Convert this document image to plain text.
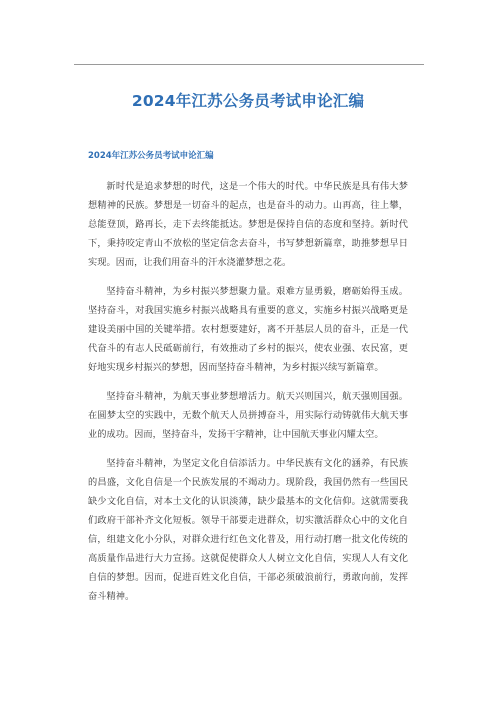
2024年江苏公务员考试申论汇编

2024年江苏公务员考试申论汇编

新时代是追求梦想的时代，这是一个伟大的时代。中华民族是具有伟大梦想精神的民族。梦想是一切奋斗的起点，也是奋斗的动力。山再高，往上攀，总能登顶，路再长，走下去终能抵达。梦想是保持自信的态度和坚持。新时代下，秉持咬定青山不放松的坚定信念去奋斗，书写梦想新篇章，助推梦想早日实现。因而，让我们用奋斗的汗水浇灌梦想之花。

坚持奋斗精神，为乡村振兴梦想聚力量。艰难方显勇毅，磨砺始得玉成。坚持奋斗，对我国实施乡村振兴战略具有重要的意义，实施乡村振兴战略更是建设美丽中国的关键举措。农村想要建好，离不开基层人员的奋斗，正是一代代奋斗的有志人民砥砺前行，有效推动了乡村的振兴，使农业强、农民富，更好地实现乡村振兴的梦想，因而坚持奋斗精神，为乡村振兴续写新篇章。

坚持奋斗精神，为航天事业梦想增活力。航天兴则国兴，航天强则国强。在圆梦太空的实践中，无数个航天人员拼搏奋斗，用实际行动铸就伟大航天事业的成功。因而，坚持奋斗，发扬干字精神，让中国航天事业闪耀太空。

坚持奋斗精神，为坚定文化自信添活力。中华民族有文化的涵养，有民族的昌盛，文化自信是一个民族发展的不竭动力。现阶段，我国仍然有一些国民缺少文化自信，对本土文化的认识淡薄，缺少最基本的文化信仰。这就需要我们政府干部补齐文化短板。领导干部要走进群众，切实激活群众心中的文化自信，组建文化小分队，对群众进行红色文化普及，用行动打磨一批文化传统的高质量作品进行大力宣扬。这就促使群众人人树立文化自信，实现人人有文化自信的梦想。因而，促进百姓文化自信，干部必须破浪前行，勇敢向前，发挥奋斗精神。
